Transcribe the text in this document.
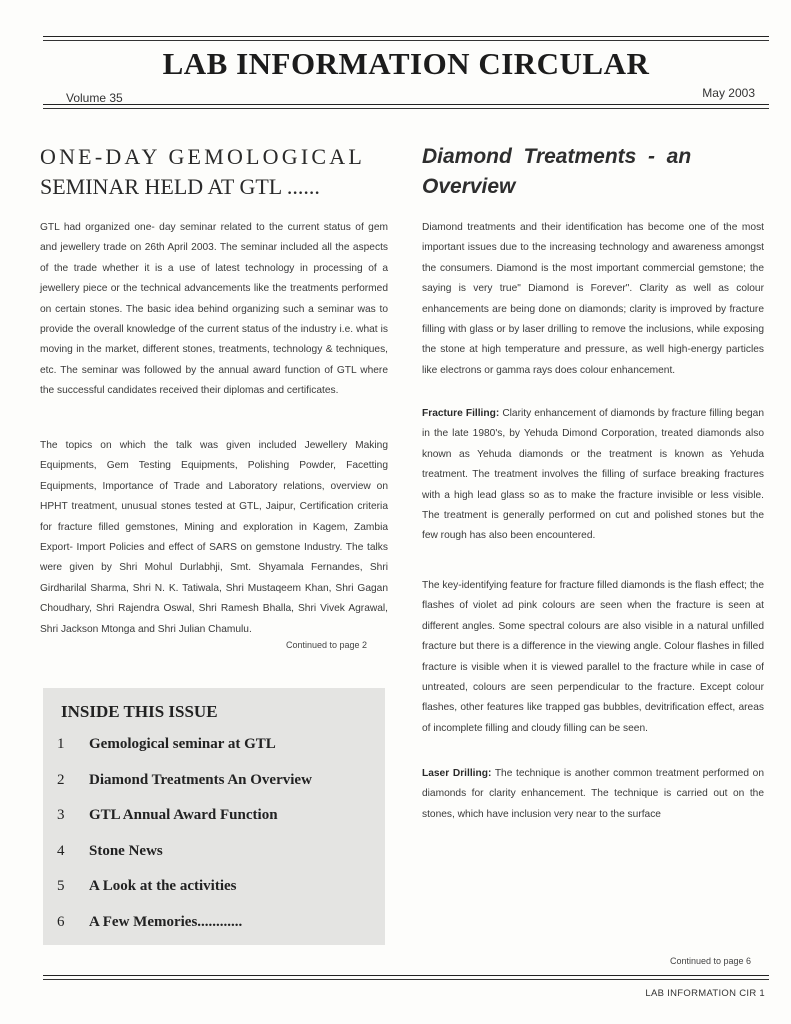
LAB INFORMATION CIRCULAR
Volume 35	May 2003
ONE-DAY GEMOLOGICAL
SEMINAR HELD AT GTL ......
GTL had organized one- day seminar related to the current status of gem and jewellery trade on 26th April 2003. The seminar included all the aspects of the trade whether it is a use of latest technology in processing of a jewellery piece or the technical advancements like the treatments performed on certain stones. The basic idea behind organizing such a seminar was to provide the overall knowledge of the current status of the industry i.e. what is moving in the market, different stones, treatments, technology & techniques, etc. The seminar was followed by the annual award function of GTL where the successful candidates received their diplomas and certificates.
The topics on which the talk was given included Jewellery Making Equipments, Gem Testing Equipments, Polishing Powder, Facetting Equipments, Importance of Trade and Laboratory relations, overview on HPHT treatment, unusual stones tested at GTL, Jaipur, Certification criteria for fracture filled gemstones, Mining and exploration in Kagem, Zambia Export- Import Policies and effect of SARS on gemstone Industry. The talks were given by Shri Mohul Durlabhji, Smt. Shyamala Fernandes, Shri Girdharilal Sharma, Shri N. K. Tatiwala, Shri Mustaqeem Khan, Shri Gagan Choudhary, Shri Rajendra Oswal, Shri Ramesh Bhalla, Shri Vivek Agrawal, Shri Jackson Mtonga and Shri Julian Chamulu.
Continued to page 2
INSIDE THIS ISSUE
1 Gemological seminar at GTL
2 Diamond Treatments An Overview
3 GTL Annual Award Function
4 Stone News
5 A Look at the activities
6 A Few Memories............
Diamond  Treatments  -  an
Overview
Diamond treatments and their identification has become one of the most important issues due to the increasing technology and awareness amongst the consumers. Diamond is the most important commercial gemstone; the saying is very true" Diamond is Forever". Clarity as well as colour enhancements are being done on diamonds; clarity is improved by fracture filling with glass or by laser drilling to remove the inclusions, while exposing the stone at high temperature and pressure, as well high-energy particles like electrons or gamma rays does colour enhancement.
Fracture Filling: Clarity enhancement of diamonds by fracture filling began in the late 1980's, by Yehuda Dimond Corporation, treated diamonds also known as Yehuda diamonds or the treatment is known as Yehuda treatment. The treatment involves the filling of surface breaking fractures with a high lead glass so as to make the fracture invisible or less visible. The treatment is generally performed on cut and polished stones but the few rough has also been encountered.
The key-identifying feature for fracture filled diamonds is the flash effect; the flashes of violet ad pink colours are seen when the fracture is seen at different angles. Some spectral colours are also visible in a natural unfilled fracture but there is a difference in the viewing angle. Colour flashes in filled fracture is visible when it is viewed parallel to the fracture while in case of untreated, colours are seen perpendicular to the fracture. Except colour flashes, other features like trapped gas bubbles, devitrification effect, areas of incomplete filling and cloudy filling can be seen.
Laser Drilling: The technique is another common treatment performed on diamonds for clarity enhancement. The technique is carried out on the stones, which have inclusion very near to the surface
Continued to page 6
LAB INFORMATION CIR 1
